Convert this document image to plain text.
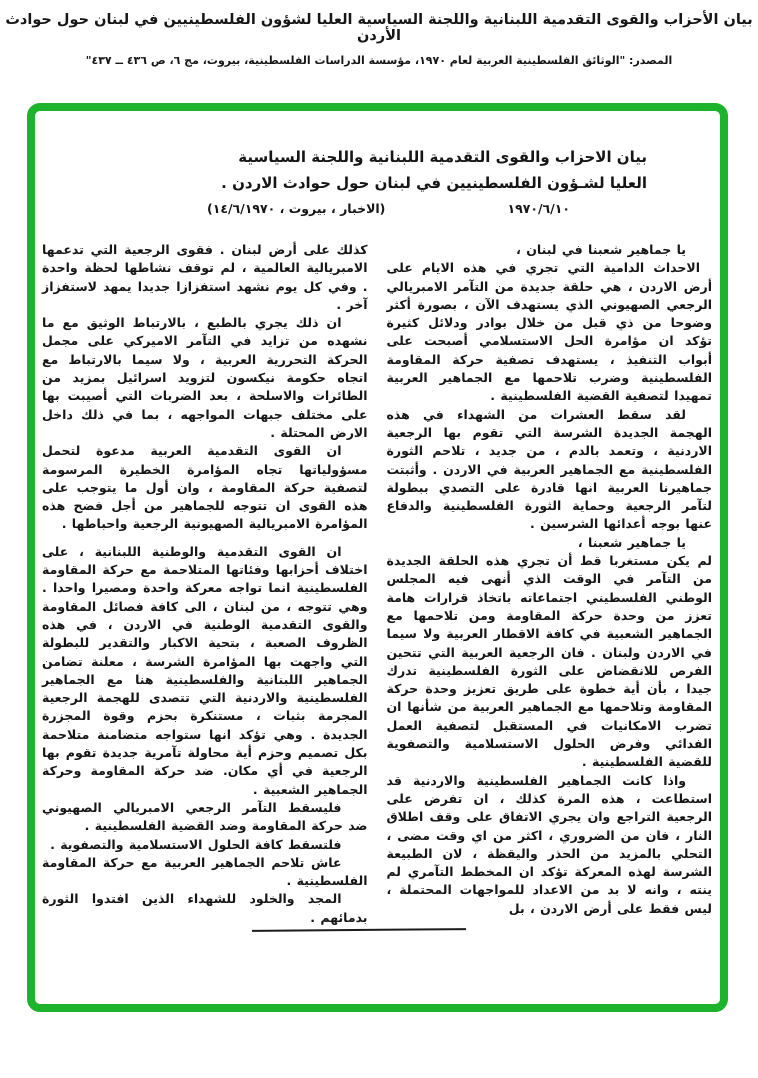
بيان الأحزاب والقوى التقدمية اللبنانية واللجنة السياسية العليا لشؤون الفلسطينيين في لبنان حول حوادث الأردن
المصدر: "الوثائق الفلسطينية العربية لعام ١٩٧٠، مؤسسة الدراسات الفلسطينية، بيروت، مج ٦، ص ٤٣٦ ــ ٤٣٧"
بيان الاحزاب والقوى التقدمية اللبنانية واللجنة السياسية
العليا لشـؤون الفلسطينيين في لبنان حول حوادث الاردن .
١٩٧٠/٦/١٠
(الاخبار ، بيروت ، ١٤/٦/١٩٧٠)

يا جماهير شعبنا في لبنان ،

الاحداث الدامية التي تجري في هذه الايام على أرض الاردن ، هي حلقة جديدة من التآمر الامبريالي الرجعي الصهيوني الذي يستهدف الآن ، بصورة أكثر وضوحا من ذي قبل من خلال بوادر ودلائل كثيرة تؤكد ان مؤامرة الحل الاستسلامي أصبحت على أبواب التنفيذ ، يستهدف تصفية حركة المقاومة الفلسطينية وضرب تلاحمها مع الجماهير العربية تمهيدا لتصفية القضية الفلسطينية .

لقد سقط العشرات من الشهداء في هذه الهجمة الجديدة الشرسة التي تقوم بها الرجعية الاردنية ، وتعمد بالدم ، من جديد ، تلاحم الثورة الفلسطينية مع الجماهير العربية في الاردن . وأثبتت جماهيرنا العربية انها قادرة على التصدي ببطولة لتآمر الرجعية وحماية الثورة الفلسطينية والدفاع عنها بوجه أعدائها الشرسين .

يا جماهير شعبنا ،

لم يكن مستغربا قط أن تجري هذه الحلقة الجديدة من التآمر في الوقت الذي أنهى فيه المجلس الوطني الفلسطيني اجتماعاته باتخاذ قرارات هامة تعزز من وحدة حركة المقاومة ومن تلاحمها مع الجماهير الشعبية في كافة الاقطار العربية ولا سيما في الاردن ولبنان . فان الرجعية العربية التي تتحين الفرص للانقضاض على الثورة الفلسطينية تدرك جيدا ، بأن أية خطوة على طريق تعزيز وحدة حركة المقاومة وتلاحمها مع الجماهير العربية من شأنها ان تضرب الامكانيات في المستقبل لتصفية العمل الفدائي وفرض الحلول الاستسلامية والتصفوية للقضية الفلسطينية .

واذا كانت الجماهير الفلسطينية والاردنية قد استطاعت ، هذه المرة كذلك ، ان تفرض على الرجعية التراجع وان يجري الاتفاق على وقف اطلاق النار ، فان من الضروري ، اكثر من اي وقت مضى ، التحلي بالمزيد من الحذر واليقظة ، لان الطبيعة الشرسة لهذه المعركة تؤكد ان المخطط التآمري لم ينته ، وانه لا بد من الاعداد للمواجهات المحتملة ، ليس فقط على أرض الاردن ، بل

كذلك على أرض لبنان . فقوى الرجعية التي تدعمها الامبريالية العالمية ، لم توقف نشاطها لحظة واحدة . وفي كل يوم نشهد استفزازا جديدا يمهد لاستفزاز آخر .

ان ذلك يجري بالطبع ، بالارتباط الوثيق مع ما نشهده من تزايد في التآمر الاميركي على مجمل الحركة التحررية العربية ، ولا سيما بالارتباط مع اتجاه حكومة نيكسون لتزويد اسرائيل بمزيد من الطائرات والاسلحة ، بعد الضربات التي أصيبت بها على مختلف جبهات المواجهه ، بما في ذلك داخل الارض المحتلة .

ان القوى التقدمية العربية مدعوة لتحمل مسؤولياتها تجاه المؤامرة الخطيرة المرسومة لتصفية حركة المقاومة ، وان أول ما يتوجب على هذه القوى ان تتوجه للجماهير من أجل فضح هذه المؤامرة الامبريالية الصهيونية الرجعية واحباطها .

ان القوى التقدمية والوطنية اللبنانية ، على اختلاف أحزابها وفئاتها المتلاحمة مع حركة المقاومة الفلسطينية انما تواجه معركة واحدة ومصيرا واحدا . وهي تتوجه ، من لبنان ، الى كافة فصائل المقاومة والقوى التقدمية الوطنية في الاردن ، في هذه الظروف الصعبة ، بتحية الاكبار والتقدير للبطولة التي واجهت بها المؤامرة الشرسة ، معلنة تضامن الجماهير اللبنانية والفلسطينية هنا مع الجماهير الفلسطينية والاردنية التي تتصدى للهجمة الرجعية المجرمة بثبات ، مستنكرة بحزم وقوة المجزرة الجديدة . وهي تؤكد انها ستواجه متضامنة متلاحمة بكل تصميم وحزم أية محاولة تآمرية جديدة تقوم بها الرجعية في أي مكان. ضد حركة المقاومة وحركة الجماهير الشعبية .

فليسقط التآمر الرجعي الامبريالي الصهيوني ضد حركة المقاومة وضد القضية الفلسطينية .

فلتسقط كافة الحلول الاستسلامية والتصفوية .

عاش تلاحم الجماهير العربية مع حركة المقاومة الفلسطينية .

المجد والخلود للشهداء الذين افتدوا الثورة بدمائهم .
